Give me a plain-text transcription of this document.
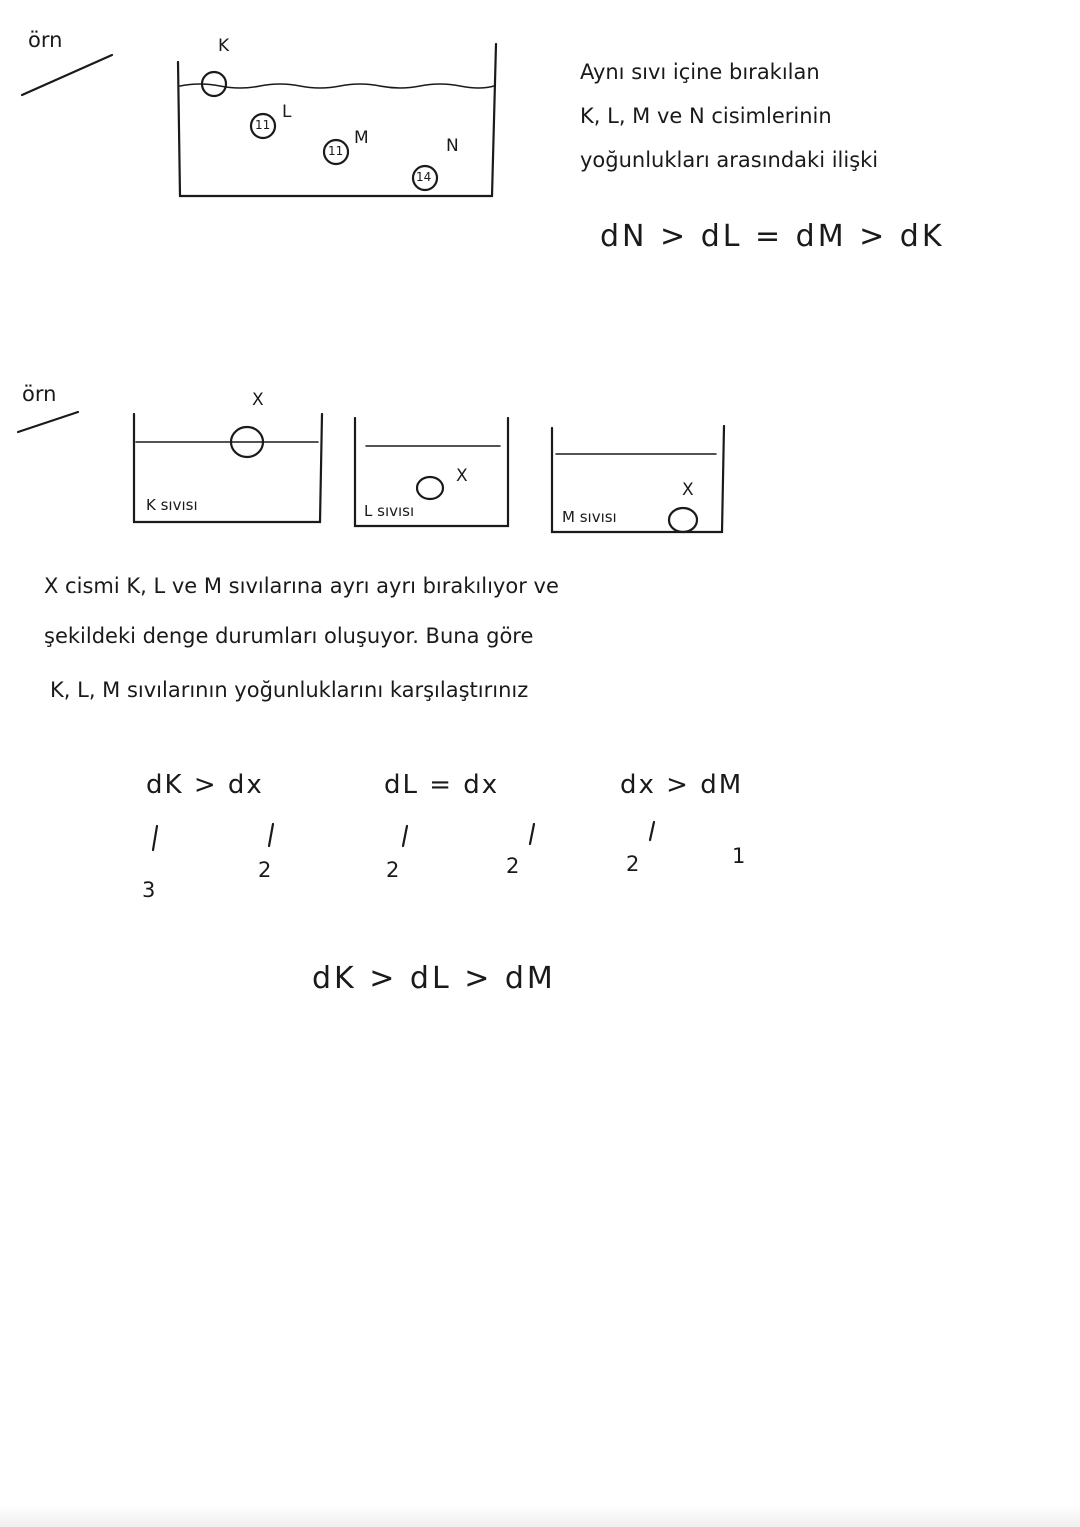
örn	K
L
11
M
11	N
14
Aynı sıvı içine bırakılan
K, L, M ve N cisimlerinin
yoğunlukları arasındaki ilişki
dN > dL = dM > dK
örn	X
X
X
K sıvısı	L sıvısı	M sıvısı
X cismi K, L ve M sıvılarına ayrı ayrı bırakılıyor ve
şekildeki denge durumları oluşuyor. Buna göre
K, L, M sıvılarının yoğunluklarını karşılaştırınız
dK > dx	dL = dx	dx > dM
3
2	2	2	2	1
dK > dL > dM
